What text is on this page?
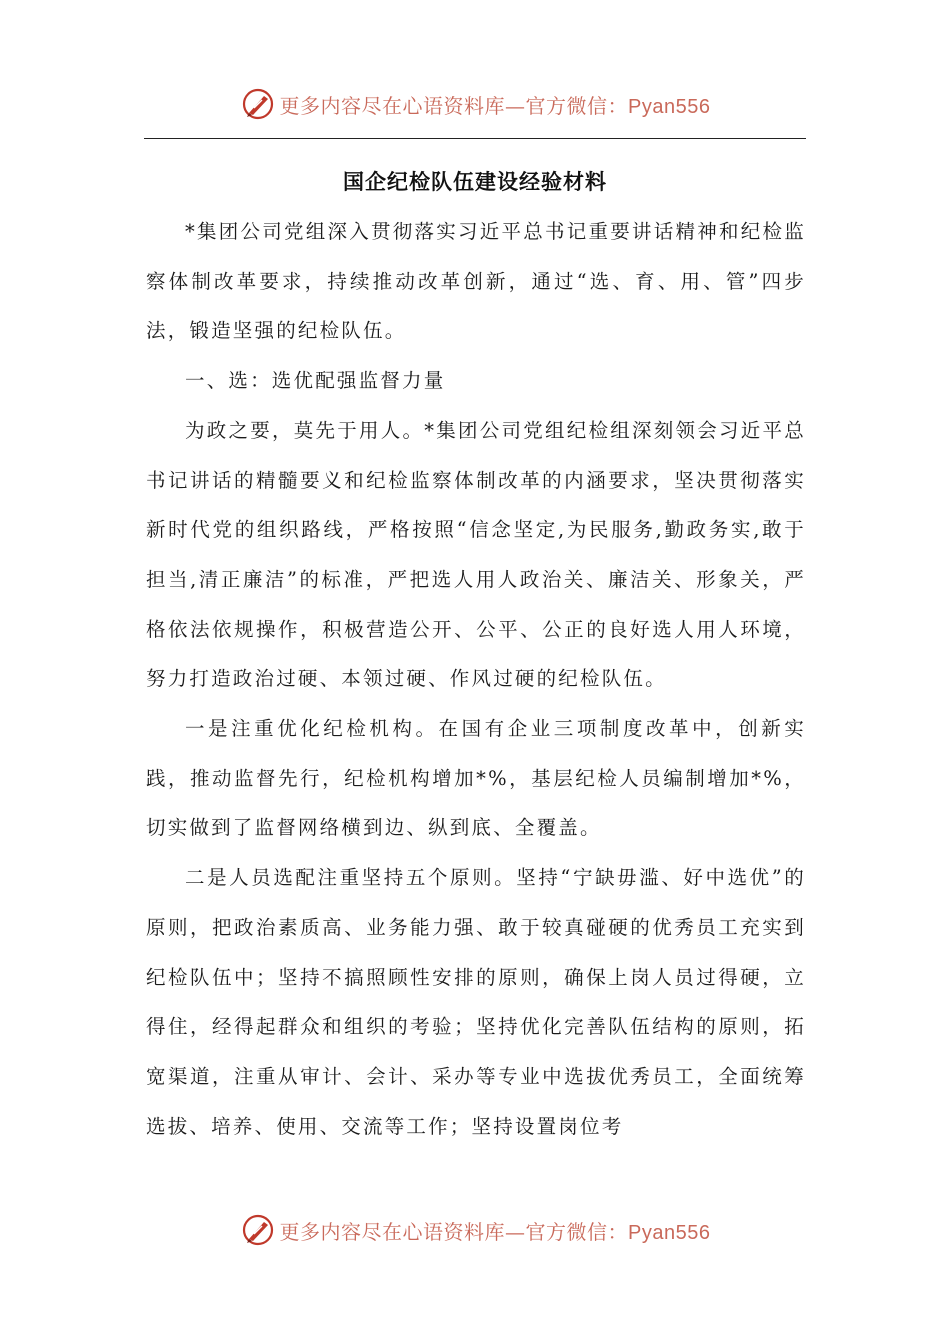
更多内容尽在心语资料库—官方微信：Pyan556
国企纪检队伍建设经验材料

*集团公司党组深入贯彻落实习近平总书记重要讲话精神和纪检监察体制改革要求，持续推动改革创新，通过“选、育、用、管”四步法，锻造坚强的纪检队伍。

一、选：选优配强监督力量

为政之要，莫先于用人。*集团公司党组纪检组深刻领会习近平总书记讲话的精髓要义和纪检监察体制改革的内涵要求，坚决贯彻落实新时代党的组织路线，严格按照“信念坚定,为民服务,勤政务实,敢于担当,清正廉洁”的标准，严把选人用人政治关、廉洁关、形象关，严格依法依规操作，积极营造公开、公平、公正的良好选人用人环境，努力打造政治过硬、本领过硬、作风过硬的纪检队伍。

一是注重优化纪检机构。在国有企业三项制度改革中，创新实践，推动监督先行，纪检机构增加*%，基层纪检人员编制增加*%，切实做到了监督网络横到边、纵到底、全覆盖。

二是人员选配注重坚持五个原则。坚持“宁缺毋滥、好中选优”的原则，把政治素质高、业务能力强、敢于较真碰硬的优秀员工充实到纪检队伍中；坚持不搞照顾性安排的原则，确保上岗人员过得硬，立得住，经得起群众和组织的考验；坚持优化完善队伍结构的原则，拓宽渠道，注重从审计、会计、采办等专业中选拔优秀员工，全面统筹选拔、培养、使用、交流等工作；坚持设置岗位考

更多内容尽在心语资料库—官方微信：Pyan556
